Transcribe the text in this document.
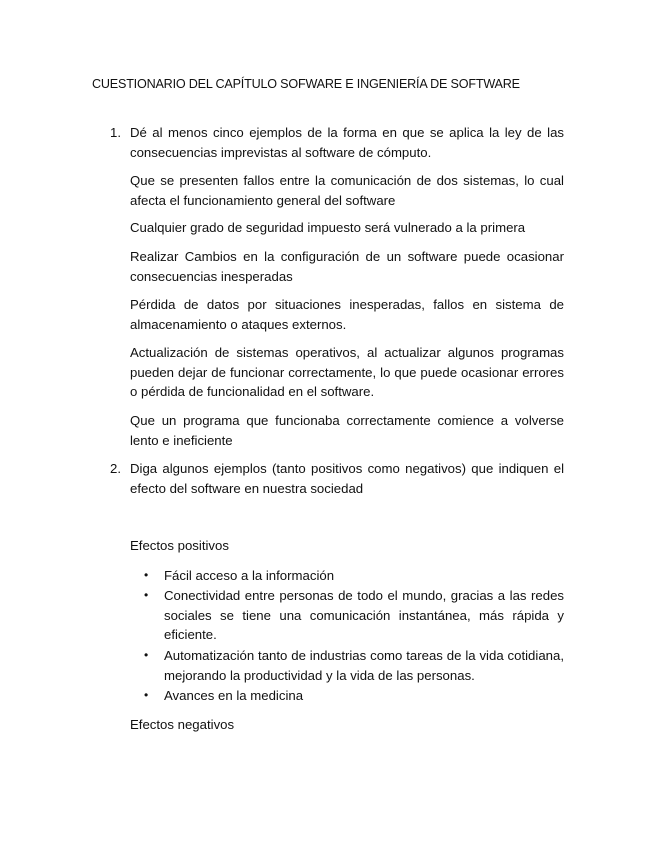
CUESTIONARIO DEL CAPÍTULO SOFWARE E INGENIERÍA DE SOFTWARE
1. Dé al menos cinco ejemplos de la forma en que se aplica la ley de las consecuencias imprevistas al software de cómputo.

Que se presenten fallos entre la comunicación de dos sistemas, lo cual afecta el funcionamiento general del software

Cualquier grado de seguridad impuesto será vulnerado a la primera

Realizar Cambios en la configuración de un software puede ocasionar consecuencias inesperadas

Pérdida de datos por situaciones inesperadas, fallos en sistema de almacenamiento o ataques externos.

Actualización de sistemas operativos, al actualizar algunos programas pueden dejar de funcionar correctamente, lo que puede ocasionar errores o pérdida de funcionalidad en el software.

Que un programa que funcionaba correctamente comience a volverse lento e ineficiente

2. Diga algunos ejemplos (tanto positivos como negativos) que indiquen el efecto del software en nuestra sociedad

Efectos positivos

•	Fácil acceso a la información

•	Conectividad entre personas de todo el mundo, gracias a las redes sociales se tiene una comunicación instantánea, más rápida y eficiente.

•	Automatización tanto de industrias como tareas de la vida cotidiana, mejorando la productividad y la vida de las personas.

•	Avances en la medicina

Efectos negativos
